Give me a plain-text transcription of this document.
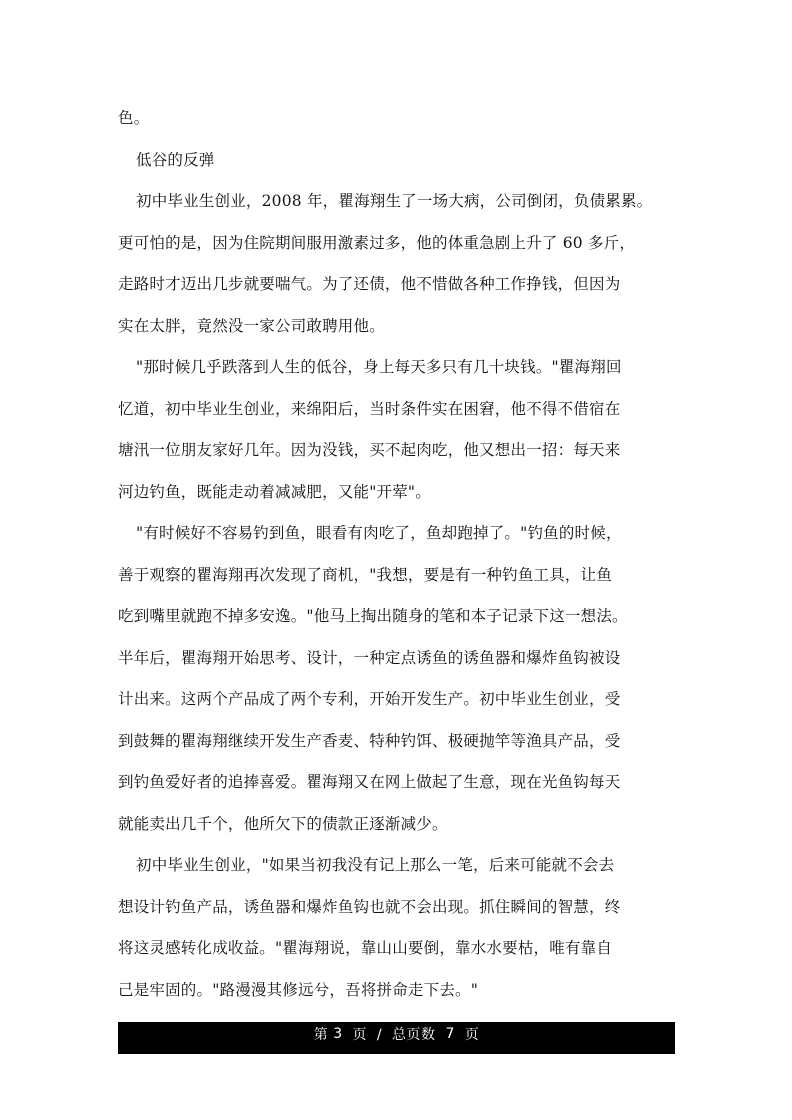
色。
低谷的反弹
初中毕业生创业，2008 年，瞿海翔生了一场大病，公司倒闭，负债累累。
更可怕的是，因为住院期间服用激素过多，他的体重急剧上升了 60 多斤，
走路时才迈出几步就要喘气。为了还债，他不惜做各种工作挣钱，但因为
实在太胖，竟然没一家公司敢聘用他。
"那时候几乎跌落到人生的低谷，身上每天多只有几十块钱。"瞿海翔回
忆道，初中毕业生创业，来绵阳后，当时条件实在困窘，他不得不借宿在
塘汛一位朋友家好几年。因为没钱，买不起肉吃，他又想出一招：每天来
河边钓鱼，既能走动着减减肥，又能"开荤"。
"有时候好不容易钓到鱼，眼看有肉吃了，鱼却跑掉了。"钓鱼的时候，
善于观察的瞿海翔再次发现了商机，"我想，要是有一种钓鱼工具，让鱼
吃到嘴里就跑不掉多安逸。"他马上掏出随身的笔和本子记录下这一想法。
半年后，瞿海翔开始思考、设计，一种定点诱鱼的诱鱼器和爆炸鱼钩被设
计出来。这两个产品成了两个专利，开始开发生产。初中毕业生创业，受
到鼓舞的瞿海翔继续开发生产香麦、特种钓饵、极硬抛竿等渔具产品，受
到钓鱼爱好者的追捧喜爱。瞿海翔又在网上做起了生意，现在光鱼钩每天
就能卖出几千个，他所欠下的债款正逐渐减少。
初中毕业生创业，"如果当初我没有记上那么一笔，后来可能就不会去
想设计钓鱼产品，诱鱼器和爆炸鱼钩也就不会出现。抓住瞬间的智慧，终
将这灵感转化成收益。"瞿海翔说，靠山山要倒，靠水水要枯，唯有靠自
己是牢固的。"路漫漫其修远兮，吾将拼命走下去。"
第 3 页  /  总页数 7 页
